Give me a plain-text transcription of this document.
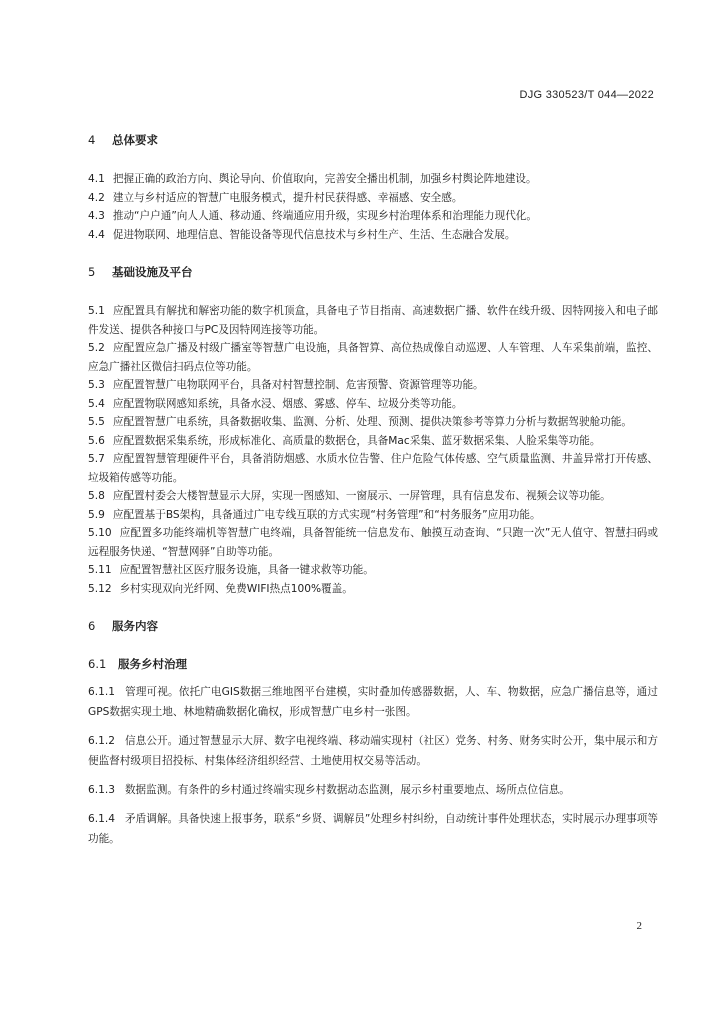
DJG 330523/T 044—2022
4 总体要求
4.1 把握正确的政治方向、舆论导向、价值取向，完善安全播出机制，加强乡村舆论阵地建设。
4.2 建立与乡村适应的智慧广电服务模式，提升村民获得感、幸福感、安全感。
4.3 推动“户户通”向人人通、移动通、终端通应用升级，实现乡村治理体系和治理能力现代化。
4.4 促进物联网、地理信息、智能设备等现代信息技术与乡村生产、生活、生态融合发展。
5 基础设施及平台
5.1 应配置具有解扰和解密功能的数字机顶盒，具备电子节目指南、高速数据广播、软件在线升级、因特网接入和电子邮件发送、提供各种接口与PC及因特网连接等功能。
5.2 应配置应急广播及村级广播室等智慧广电设施，具备智算、高位热成像自动巡逻、人车管理、人车采集前端，监控、应急广播社区微信扫码点位等功能。
5.3 应配置智慧广电物联网平台，具备对村智慧控制、危害预警、资源管理等功能。
5.4 应配置物联网感知系统，具备水浸、烟感、雾感、停车、垃圾分类等功能。
5.5 应配置智慧广电系统，具备数据收集、监测、分析、处理、预测、提供决策参考等算力分析与数据驾驶舱功能。
5.6 应配置数据采集系统，形成标准化、高质量的数据仓，具备Mac采集、蓝牙数据采集、人脸采集等功能。
5.7 应配置智慧管理硬件平台，具备消防烟感、水质水位告警、住户危险气体传感、空气质量监测、井盖异常打开传感、垃圾箱传感等功能。
5.8 应配置村委会大楼智慧显示大屏，实现一图感知、一窗展示、一屏管理，具有信息发布、视频会议等功能。
5.9 应配置基于BS架构，具备通过广电专线互联的方式实现“村务管理”和“村务服务”应用功能。
5.10 应配置多功能终端机等智慧广电终端，具备智能统一信息发布、触摸互动查询、“只跑一次”无人值守、智慧扫码或远程服务快递、“智慧网驿”自助等功能。
5.11 应配置智慧社区医疗服务设施，具备一键求救等功能。
5.12 乡村实现双向光纤网、免费WIFI热点100%覆盖。
6 服务内容
6.1 服务乡村治理
6.1.1 管理可视。依托广电GIS数据三维地图平台建模，实时叠加传感器数据，人、车、物数据，应急广播信息等，通过GPS数据实现土地、林地精确数据化确权，形成智慧广电乡村一张图。
6.1.2 信息公开。通过智慧显示大屏、数字电视终端、移动端实现村（社区）党务、村务、财务实时公开，集中展示和方便监督村级项目招投标、村集体经济组织经营、土地使用权交易等活动。
6.1.3 数据监测。有条件的乡村通过终端实现乡村数据动态监测，展示乡村重要地点、场所点位信息。
6.1.4 矛盾调解。具备快速上报事务，联系“乡贤、调解员”处理乡村纠纷，自动统计事件处理状态，实时展示办理事项等功能。
2
